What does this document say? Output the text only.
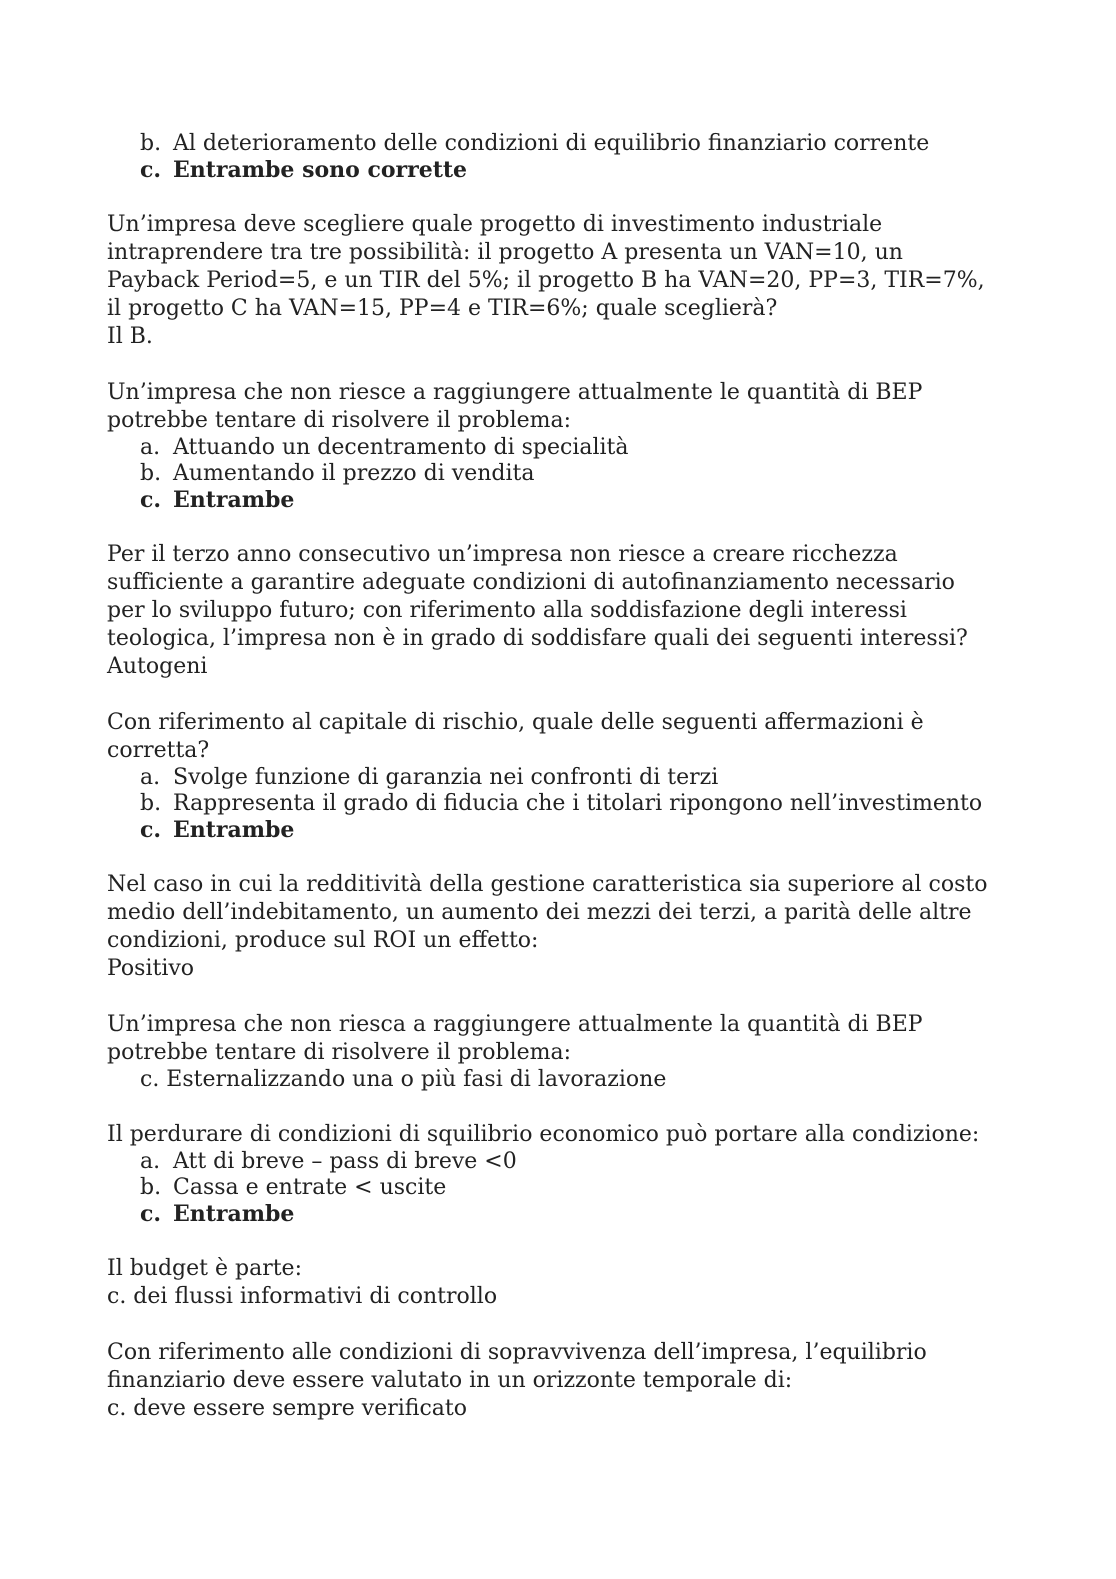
b. Al deterioramento delle condizioni di equilibrio finanziario corrente
c. Entrambe sono corrette
Un’impresa deve scegliere quale progetto di investimento industriale
intraprendere tra tre possibilità: il progetto A presenta un VAN=10, un
Payback Period=5, e un TIR del 5%; il progetto B ha VAN=20, PP=3, TIR=7%,
il progetto C ha VAN=15, PP=4 e TIR=6%; quale sceglierà?
Il B.
Un’impresa che non riesce a raggiungere attualmente le quantità di BEP
potrebbe tentare di risolvere il problema:
a. Attuando un decentramento di specialità
b. Aumentando il prezzo di vendita
c. Entrambe
Per il terzo anno consecutivo un’impresa non riesce a creare ricchezza
sufficiente a garantire adeguate condizioni di autofinanziamento necessario
per lo sviluppo futuro; con riferimento alla soddisfazione degli interessi
teologica, l’impresa non è in grado di soddisfare quali dei seguenti interessi?
Autogeni
Con riferimento al capitale di rischio, quale delle seguenti affermazioni è
corretta?
a. Svolge funzione di garanzia nei confronti di terzi
b. Rappresenta il grado di fiducia che i titolari ripongono nell’investimento
c. Entrambe
Nel caso in cui la redditività della gestione caratteristica sia superiore al costo
medio dell’indebitamento, un aumento dei mezzi dei terzi, a parità delle altre
condizioni, produce sul ROI un effetto:
Positivo
Un’impresa che non riesca a raggiungere attualmente la quantità di BEP
potrebbe tentare di risolvere il problema:
c. Esternalizzando una o più fasi di lavorazione
Il perdurare di condizioni di squilibrio economico può portare alla condizione:
a. Att di breve – pass di breve <0
b. Cassa e entrate < uscite
c. Entrambe
Il budget è parte:
c. dei flussi informativi di controllo
Con riferimento alle condizioni di sopravvivenza dell’impresa, l’equilibrio
finanziario deve essere valutato in un orizzonte temporale di:
c. deve essere sempre verificato
